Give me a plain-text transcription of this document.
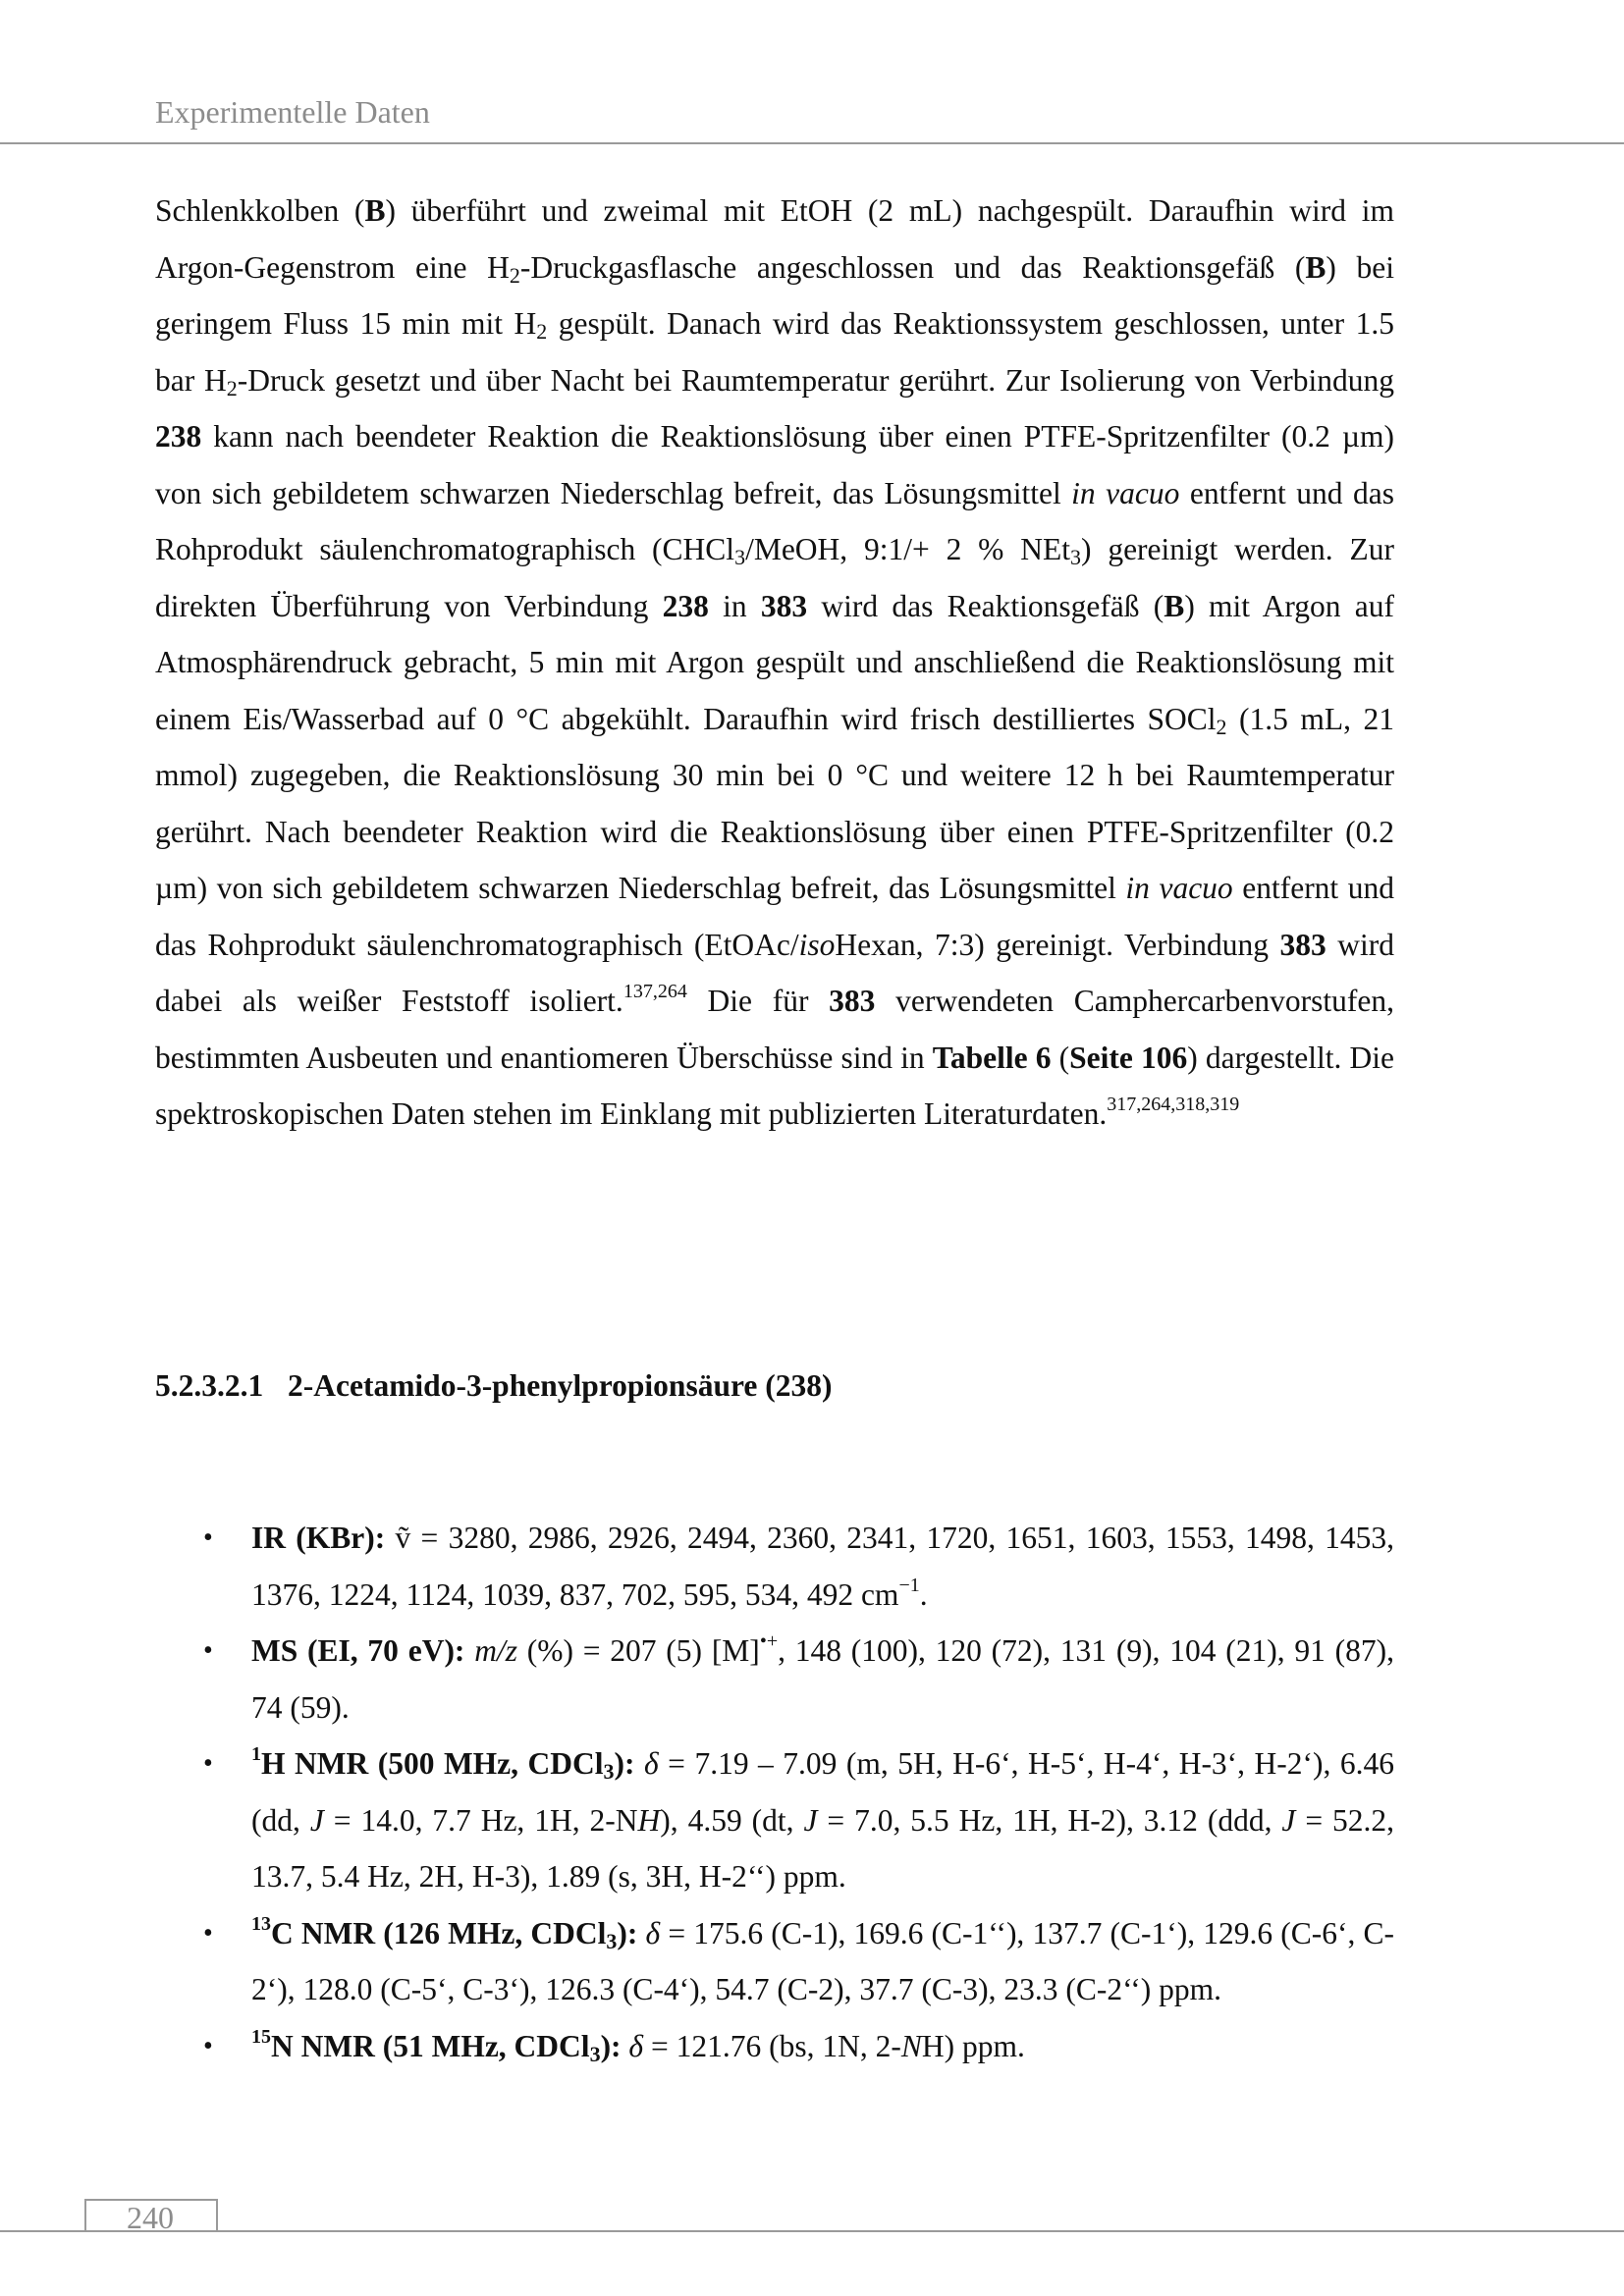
Experimentelle Daten

Schlenkkolben (B) überführt und zweimal mit EtOH (2 mL) nachgespült. Daraufhin wird im Argon-Gegenstrom eine $H_2$-Druckgasflasche angeschlossen und das Reaktionsgefäß (B) bei geringem Fluss 15 min mit $H_2$ gespült. Danach wird das Reaktionssystem geschlossen, unter 1.5 bar $H_2$-Druck gesetzt und über Nacht bei Raumtemperatur gerührt. Zur Isolierung von Verbindung 238 kann nach beendeter Reaktion die Reaktionslösung über einen PTFE-Spritzenfilter (0.2 µm) von sich gebildetem schwarzen Niederschlag befreit, das Lösungsmittel in vacuo entfernt und das Rohprodukt säulenchromatographisch (CHCl$_3$/MeOH, 9:1/+ 2 % NEt$_3$) gereinigt werden. Zur direkten Überführung von Verbindung 238 in 383 wird das Reaktionsgefäß (B) mit Argon auf Atmosphärendruck gebracht, 5 min mit Argon gespült und anschließend die Reaktionslösung mit einem Eis/Wasserbad auf 0 °C abgekühlt. Daraufhin wird frisch destilliertes SOCl$_2$ (1.5 mL, 21 mmol) zugegeben, die Reaktionslösung 30 min bei 0 °C und weitere 12 h bei Raumtemperatur gerührt. Nach beendeter Reaktion wird die Reaktionslösung über einen PTFE-Spritzenfilter (0.2 µm) von sich gebildetem schwarzen Niederschlag befreit, das Lösungsmittel in vacuo entfernt und das Rohprodukt säulenchromatographisch (EtOAc/isoHexan, 7:3) gereinigt. Verbindung 383 wird dabei als weißer Feststoff isoliert.$^{137,264}$ Die für 383 verwendeten Camphercarbenvorstufen, bestimmten Ausbeuten und enantiomeren Überschüsse sind in Tabelle 6 (Seite 106) dargestellt. Die spektroskopischen Daten stehen im Einklang mit publizierten Literaturdaten.$^{317,264,318,319}$

5.2.3.2.1 2-Acetamido-3-phenylpropionsäure (238)
• IR (KBr): ṽ = 3280, 2986, 2926, 2494, 2360, 2341, 1720, 1651, 1603, 1553, 1498, 1453, 1376, 1224, 1124, 1039, 837, 702, 595, 534, 492 $cm^{-1}$.
• MS (EI, 70 eV): m/z (%) = 207 (5) [M]•+, 148 (100), 120 (72), 131 (9), 104 (21), 91 (87), 74 (59).
• $^1$H NMR (500 MHz, CDCl$_3$): δ = 7.19 – 7.09 (m, 5H, H-6‘, H-5‘, H-4‘, H-3‘, H-2‘), 6.46 (dd, J = 14.0, 7.7 Hz, 1H, 2-NH), 4.59 (dt, J = 7.0, 5.5 Hz, 1H, H-2), 3.12 (ddd, J = 52.2, 13.7, 5.4 Hz, 2H, H-3), 1.89 (s, 3H, H-2‘‘) ppm.
• $^{13}$C NMR (126 MHz, CDCl$_3$): δ = 175.6 (C-1), 169.6 (C-1‘‘), 137.7 (C-1‘), 129.6 (C-6‘, C-2‘), 128.0 (C-5‘, C-3‘), 126.3 (C-4‘), 54.7 (C-2), 37.7 (C-3), 23.3 (C-2‘‘) ppm.
• $^{15}$N NMR (51 MHz, CDCl$_3$): δ = 121.76 (bs, 1N, 2-NH) ppm.
240
